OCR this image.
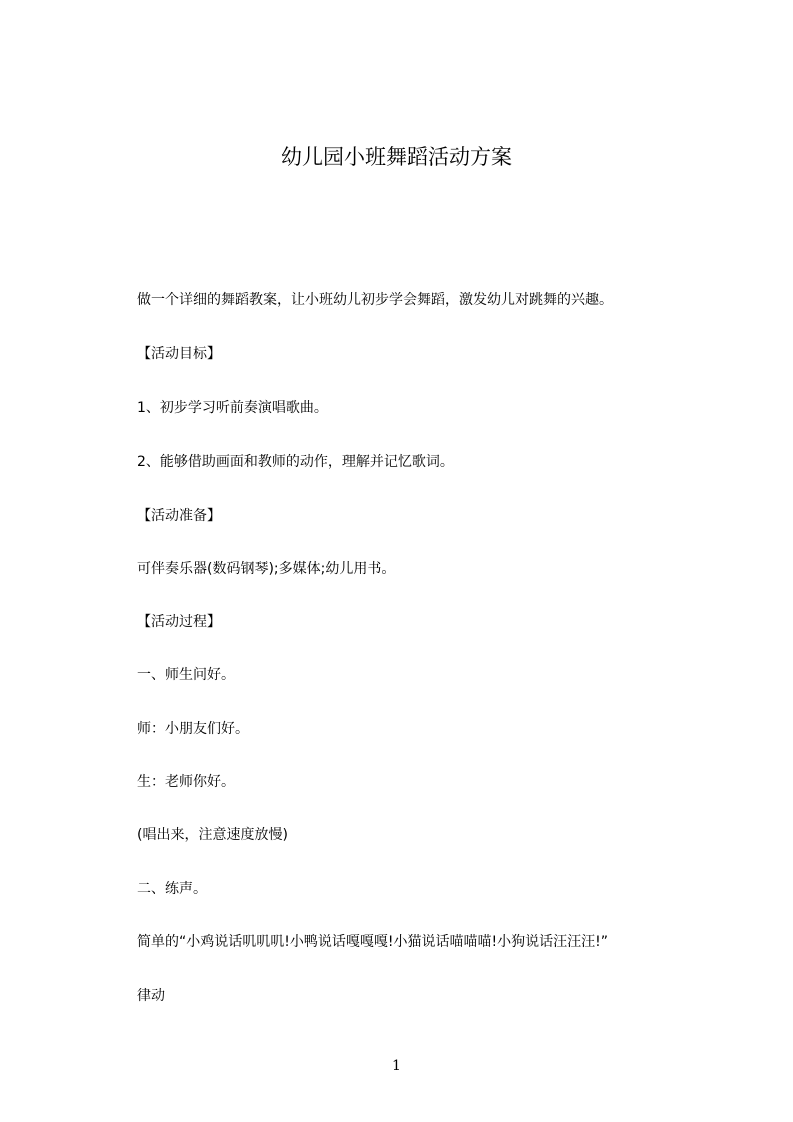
幼儿园小班舞蹈活动方案
做一个详细的舞蹈教案，让小班幼儿初步学会舞蹈，激发幼儿对跳舞的兴趣。
【活动目标】
1、初步学习听前奏演唱歌曲。
2、能够借助画面和教师的动作，理解并记忆歌词。
【活动准备】
可伴奏乐器(数码钢琴);多媒体;幼儿用书。
【活动过程】
一、师生问好。
师：小朋友们好。
生：老师你好。
(唱出来，注意速度放慢)
二、练声。
简单的“小鸡说话叽叽叽!小鸭说话嘎嘎嘎!小猫说话喵喵喵!小狗说话汪汪汪!”
律动
1
